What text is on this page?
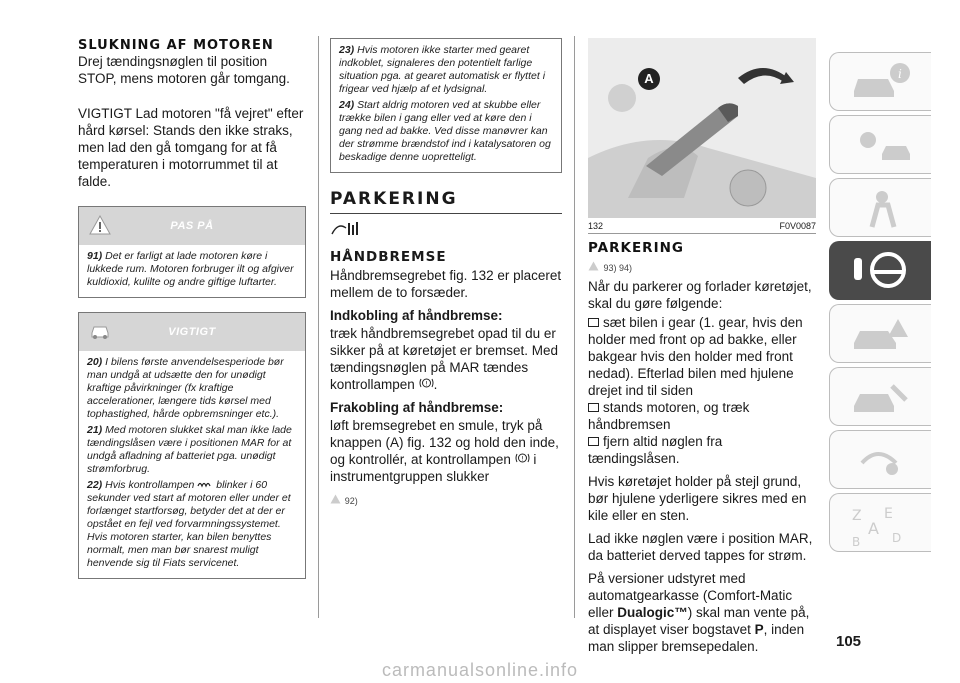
SLUKNING AF MOTOREN

Drej tændingsnøglen til position STOP, mens motoren går tomgang.

VIGTIGT Lad motoren "få vejret" efter hård kørsel: Stands den ikke straks, men lad den gå tomgang for at få temperaturen i motorrummet til at falde.

PAS PÅ

91) Det er farligt at lade motoren køre i lukkede rum. Motoren forbruger ilt og afgiver kuldioxid, kulilte og andre giftige luftarter.

VIGTIGT

20) I bilens første anvendelsesperiode bør man undgå at udsætte den for unødigt kraftige påvirkninger (fx kraftige accelerationer, længere tids kørsel med tophastighed, hårde opbremsninger etc.).

21) Med motoren slukket skal man ikke lade tændingslåsen være i positionen MAR for at undgå afladning af batteriet pga. unødigt strømforbrug.

22) Hvis kontrollampen blinker i 60 sekunder ved start af motoren eller under et forlænget startforsøg, betyder det at der er opstået en fejl ved forvarmningssystemet. Hvis motoren starter, kan bilen benyttes normalt, men man bør snarest muligt henvende sig til Fiats servicenet.

23) Hvis motoren ikke starter med gearet indkoblet, signaleres den potentielt farlige situation pga. at gearet automatisk er flyttet i frigear ved hjælp af et lydsignal.

24) Start aldrig motoren ved at skubbe eller trække bilen i gang eller ved at køre den i gang ned ad bakke. Ved disse manøvrer kan der strømme brændstof ind i katalysatoren og beskadige denne uopretteligt.

PARKERING
HÅNDBREMSE

Håndbremsegrebet fig. 132 er placeret mellem de to forsæder.

Indkobling af håndbremse:

træk håndbremsegrebet opad til du er sikker på at køretøjet er bremset. Med tændingsnøglen på MAR tændes kontrollampen ! .

Frakobling af håndbremse:

løft bremsegrebet en smule, tryk på knappen (A) fig. 132 og hold den inde, og kontrollér, at kontrollampen ! i instrumentgruppen slukker

92)
A
132	F0V0087
PARKERING
93) 94)

Når du parkerer og forlader køretøjet, skal du gøre følgende:

sæt bilen i gear (1. gear, hvis den holder med front op ad bakke, eller bakgear hvis den holder med front nedad). Efterlad bilen med hjulene drejet ind til siden
stands motoren, og træk håndbremsen
fjern altid nøglen fra tændingslåsen.

Hvis køretøjet holder på stejl grund, bør hjulene yderligere sikres med en kile eller en sten.

Lad ikke nøglen være i position MAR, da batteriet derved tappes for strøm.

På versioner udstyret med automatgearkasse (Comfort-Matic eller Dualogic™) skal man vente på, at displayet viser bogstavet P, inden man slipper bremsepedalen.	105
i
Z E
A
B	D
carmanualsonline.info
